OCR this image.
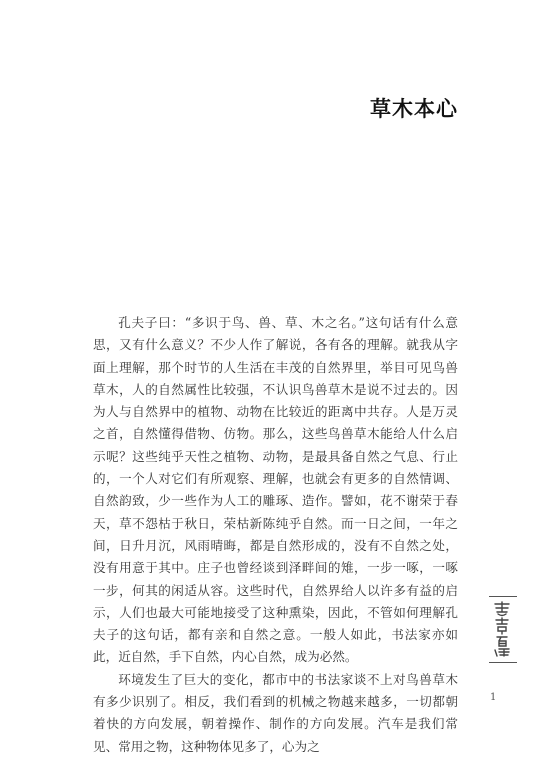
草木本心

孔夫子曰：“多识于鸟、兽、草、木之名。”这句话有什么意思，又有什么意义？不少人作了解说，各有各的理解。就我从字面上理解，那个时节的人生活在丰茂的自然界里，举目可见鸟兽草木，人的自然属性比较强，不认识鸟兽草木是说不过去的。因为人与自然界中的植物、动物在比较近的距离中共存。人是万灵之首，自然懂得借物、仿物。那么，这些鸟兽草木能给人什么启示呢？这些纯乎天性之植物、动物，是最具备自然之气息、行止的，一个人对它们有所观察、理解，也就会有更多的自然情调、自然韵致，少一些作为人工的雕琢、造作。譬如，花不谢荣于春天，草不怨枯于秋日，荣枯新陈纯乎自然。而一日之间，一年之间，日升月沉，风雨晴晦，都是自然形成的，没有不自然之处，没有用意于其中。庄子也曾经谈到泽畔间的雉，一步一啄，一啄一步，何其的闲适从容。这些时代，自然界给人以许多有益的启示，人们也最大可能地接受了这种熏染，因此，不管如何理解孔夫子的这句话，都有亲和自然之意。一般人如此，书法家亦如此，近自然，手下自然，内心自然，成为必然。

环境发生了巨大的变化，都市中的书法家谈不上对鸟兽草木有多少识别了。相反，我们看到的机械之物越来越多，一切都朝着快的方向发展，朝着操作、制作的方向发展。汽车是我们常见、常用之物，这种物体见多了，心为之

1
